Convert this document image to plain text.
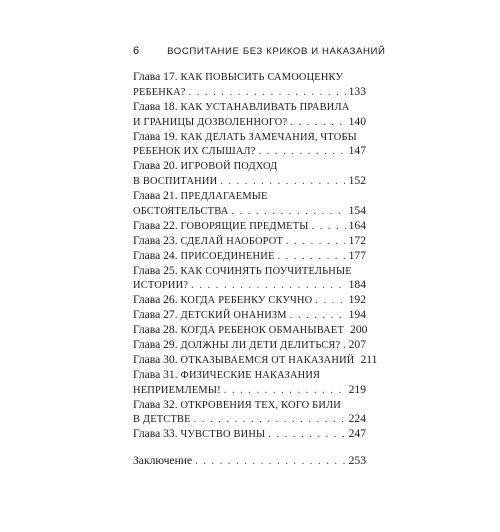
6	ВОСПИТАНИЕ БЕЗ КРИКОВ И НАКАЗАНИЙ
Глава 17. КАК ПОВЫСИТЬ САМООЦЕНКУ
РЕБЕНКА? . . .	133
Глава 18. КАК УСТАНАВЛИВАТЬ ПРАВИЛА
И ГРАНИЦЫ ДОЗВОЛЕННОГО? . . .	140
Глава 19. КАК ДЕЛАТЬ ЗАМЕЧАНИЯ, ЧТОБЫ
РЕБЕНОК ИХ СЛЫШАЛ? . . .	147
Глава 20. ИГРОВОЙ ПОДХОД
В ВОСПИТАНИИ . . .	152
Глава 21. ПРЕДЛАГАЕМЫЕ
ОБСТОЯТЕЛЬСТВА . . .	154
Глава 22. ГОВОРЯЩИЕ ПРЕДМЕТЫ . . .	164
Глава 23. СДЕЛАЙ НАОБОРОТ . . .	172
Глава 24. ПРИСОЕДИНЕНИЕ . . .	177
Глава 25. КАК СОЧИНЯТЬ ПОУЧИТЕЛЬНЫЕ
ИСТОРИИ? . . .	184
Глава 26. КОГДА РЕБЕНКУ СКУЧНО . . .	192
Глава 27. ДЕТСКИЙ ОНАНИЗМ . . .	194
Глава 28. КОГДА РЕБЕНОК ОБМАНЫВАЕТ 200
Глава 29. ДОЛЖНЫ ЛИ ДЕТИ ДЕЛИТЬСЯ? . . . 207
Глава 30. ОТКАЗЫВАЕМСЯ ОТ НАКАЗАНИЙ 211
Глава 31. ФИЗИЧЕСКИЕ НАКАЗАНИЯ
НЕПРИЕМЛЕМЫ! . . .	219
Глава 32. ОТКРОВЕНИЯ ТЕХ, КОГО БИЛИ
В ДЕТСТВЕ . . .	224
Глава 33. ЧУВСТВО ВИНЫ . . .	247
Заключение . . .	253
